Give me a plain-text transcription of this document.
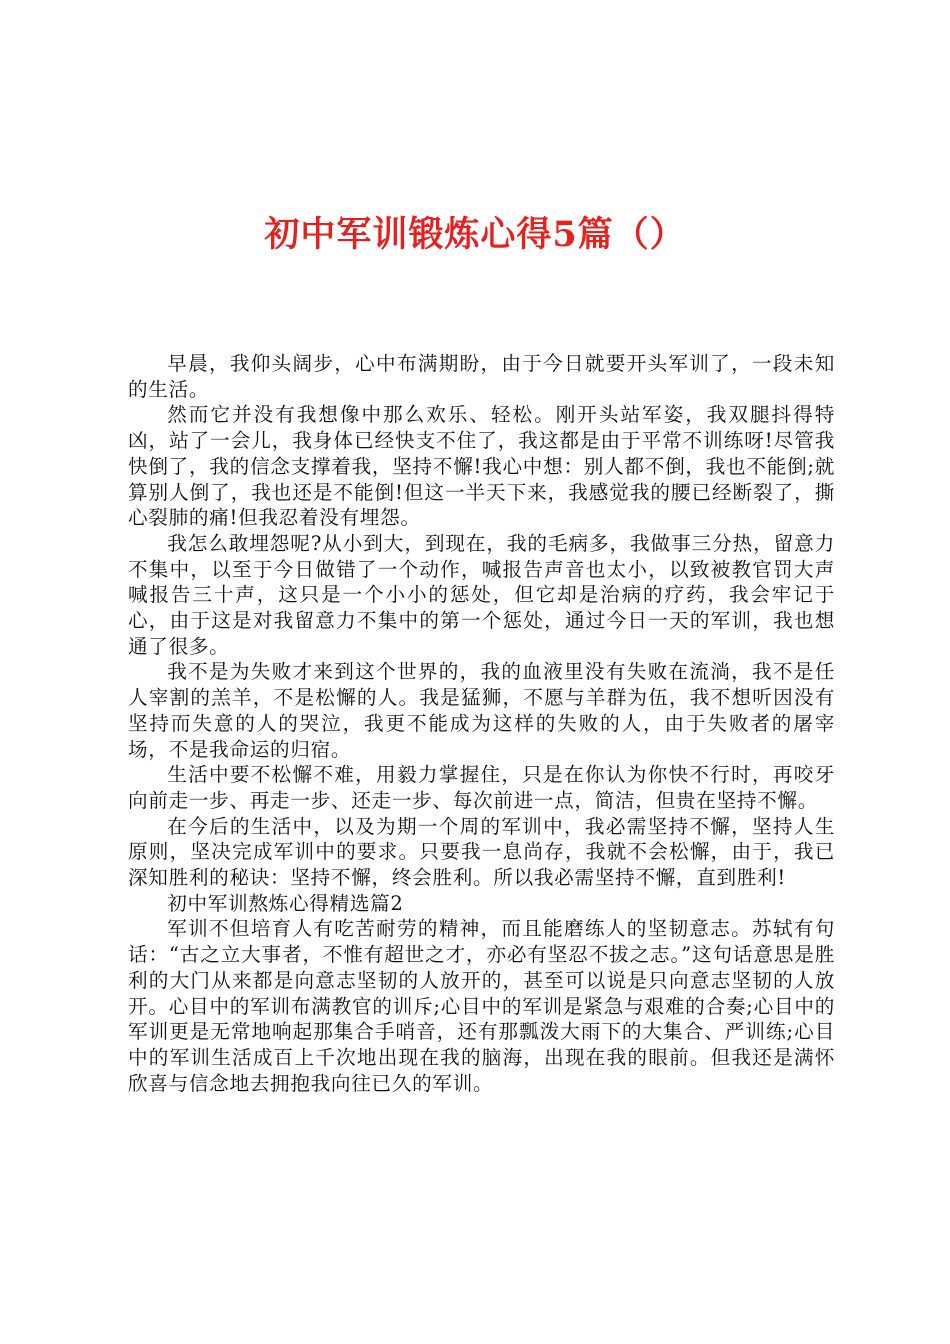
初中军训锻炼心得5篇（）

早晨，我仰头阔步，心中布满期盼，由于今日就要开头军训了，一段未知的生活。

然而它并没有我想像中那么欢乐、轻松。刚开头站军姿，我双腿抖得特凶，站了一会儿，我身体已经快支不住了，我这都是由于平常不训练呀!尽管我快倒了，我的信念支撑着我，坚持不懈!我心中想：别人都不倒，我也不能倒;就算别人倒了，我也还是不能倒!但这一半天下来，我感觉我的腰已经断裂了，撕心裂肺的痛!但我忍着没有埋怨。

我怎么敢埋怨呢?从小到大，到现在，我的毛病多，我做事三分热，留意力不集中，以至于今日做错了一个动作，喊报告声音也太小，以致被教官罚大声喊报告三十声，这只是一个小小的惩处，但它却是治病的疗药，我会牢记于心，由于这是对我留意力不集中的第一个惩处，通过今日一天的军训，我也想通了很多。

我不是为失败才来到这个世界的，我的血液里没有失败在流淌，我不是任人宰割的羔羊，不是松懈的人。我是猛狮，不愿与羊群为伍，我不想听因没有坚持而失意的人的哭泣，我更不能成为这样的失败的人，由于失败者的屠宰场，不是我命运的归宿。

生活中要不松懈不难，用毅力掌握住，只是在你认为你快不行时，再咬牙向前走一步、再走一步、还走一步、每次前进一点，简洁，但贵在坚持不懈。

在今后的生活中，以及为期一个周的军训中，我必需坚持不懈，坚持人生原则，坚决完成军训中的要求。只要我一息尚存，我就不会松懈，由于，我已深知胜利的秘诀：坚持不懈，终会胜利。所以我必需坚持不懈，直到胜利!

初中军训熬炼心得精选篇2

军训不但培育人有吃苦耐劳的精神，而且能磨练人的坚韧意志。苏轼有句话：“古之立大事者，不惟有超世之才，亦必有坚忍不拔之志。”这句话意思是胜利的大门从来都是向意志坚韧的人放开的，甚至可以说是只向意志坚韧的人放开。心目中的军训布满教官的训斥;心目中的军训是紧急与艰难的合奏;心目中的军训更是无常地响起那集合手哨音，还有那瓢泼大雨下的大集合、严训练;心目中的军训生活成百上千次地出现在我的脑海，出现在我的眼前。但我还是满怀欣喜与信念地去拥抱我向往已久的军训。
